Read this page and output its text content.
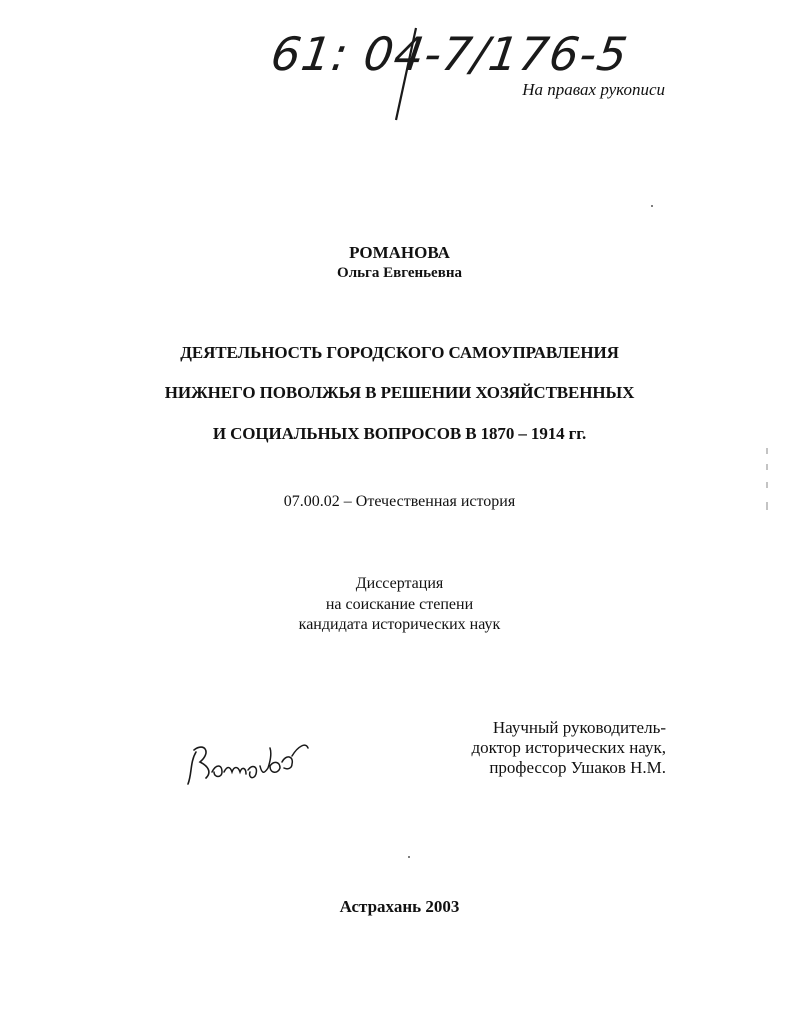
61: 04-7/176-5
На правах рукописи
РОМАНОВА
Ольга Евгеньевна
ДЕЯТЕЛЬНОСТЬ ГОРОДСКОГО САМОУПРАВЛЕНИЯ
НИЖНЕГО ПОВОЛЖЬЯ В РЕШЕНИИ ХОЗЯЙСТВЕННЫХ
И СОЦИАЛЬНЫХ ВОПРОСОВ В 1870 – 1914 гг.
07.00.02 – Отечественная история
Диссертация
на соискание степени
кандидата исторических наук
Научный руководитель-
доктор исторических наук,
профессор Ушаков Н.М.
Астрахань 2003
